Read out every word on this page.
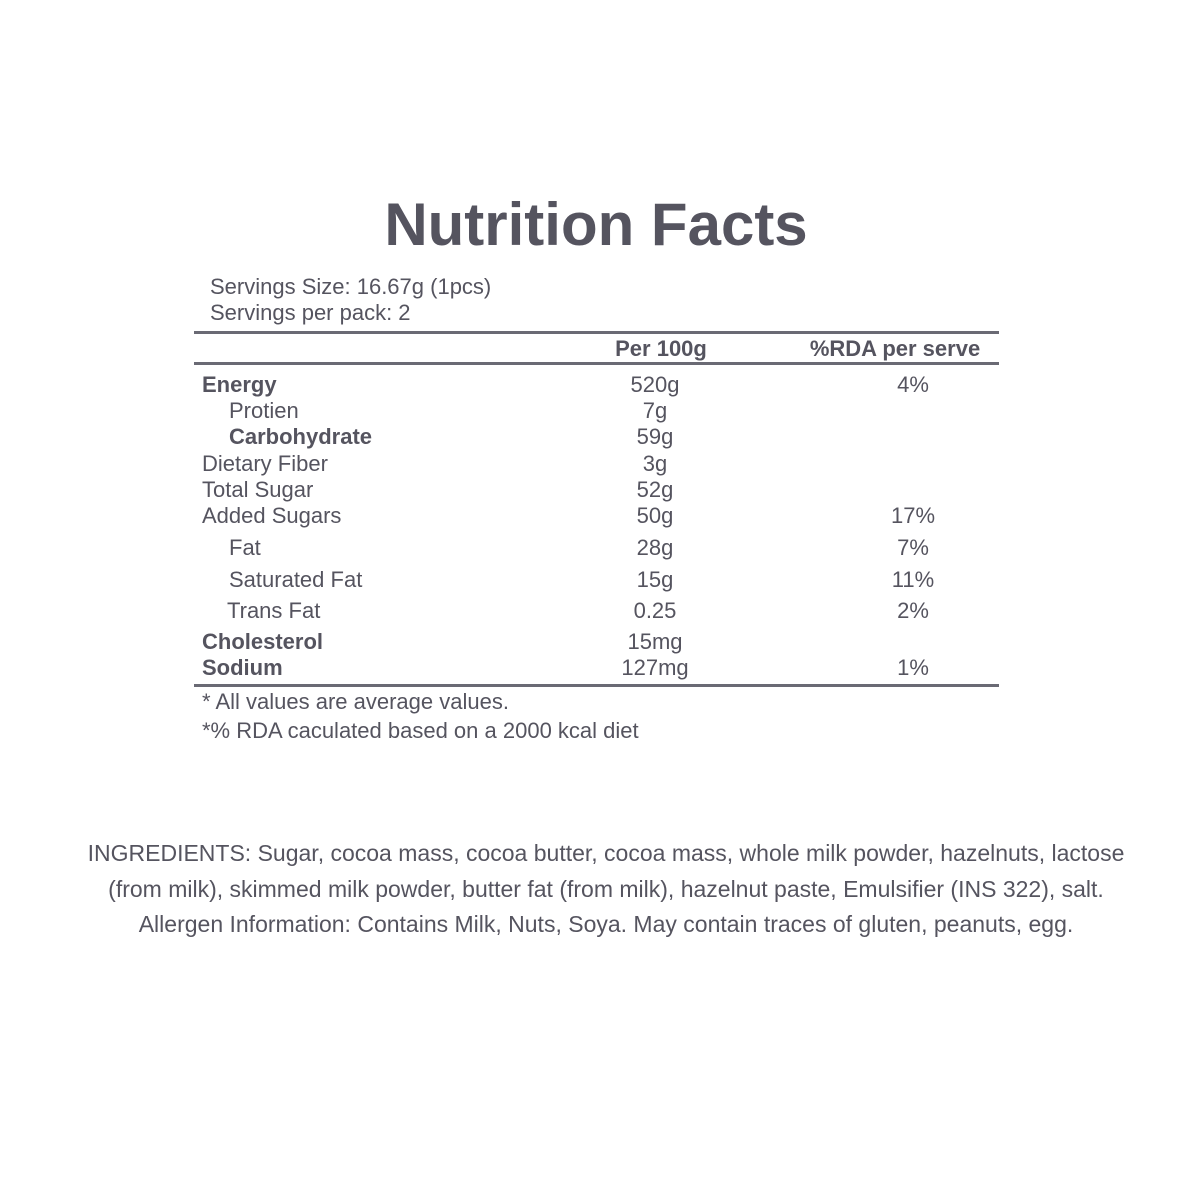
Nutrition Facts
Servings Size: 16.67g (1pcs)
Servings per pack: 2
Per 100g	%RDA per serve
Energy	520g	4%
Protien	7g
Carbohydrate	59g
Dietary Fiber	3g
Total Sugar	52g
Added Sugars	50g	17%
Fat	28g	7%
Saturated Fat	15g	11%
Trans Fat	0.25	2%
Cholesterol	15mg
Sodium	127mg	1%
* All values are average values.
*% RDA caculated based on a 2000 kcal diet
INGREDIENTS: Sugar, cocoa mass, cocoa butter, cocoa mass, whole milk powder, hazelnuts, lactose (from milk), skimmed milk powder, butter fat (from milk), hazelnut paste, Emulsifier (INS 322), salt. Allergen Information: Contains Milk, Nuts, Soya. May contain traces of gluten, peanuts, egg.
